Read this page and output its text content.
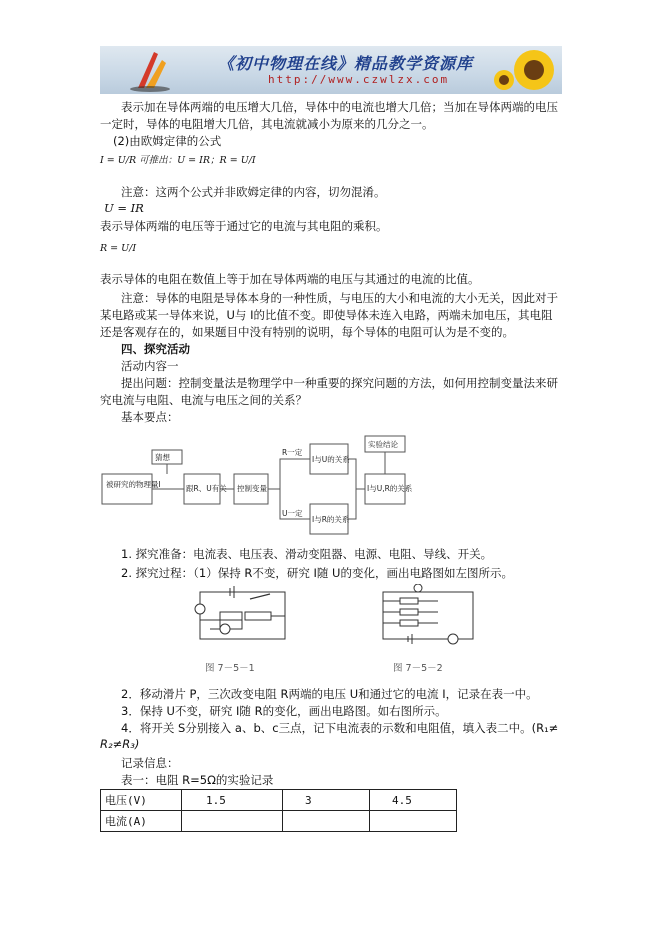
《初中物理在线》精品教学资源库
http://www.czwlzx.com
表示加在导体两端的电压增大几倍，导体中的电流也增大几倍；当加在导体两端的电压
一定时，导体的电阻增大几倍，其电流就减小为原来的几分之一。
(2)由欧姆定律的公式
I = U/R 可推出：U = IR；R = U/I
注意：这两个公式并非欧姆定律的内容，切勿混淆。
U = IR
表示导体两端的电压等于通过它的电流与其电阻的乘积。
R = U/I
表示导体的电阻在数值上等于加在导体两端的电压与其通过的电流的比值。
注意：导体的电阻是导体本身的一种性质，与电压的大小和电流的大小无关，因此对于
某电路或某一导体来说，U与 I的比值不变。即使导体未连入电路，两端未加电压，其电阻
还是客观存在的，如果题目中没有特别的说明，每个导体的电阻可认为是不变的。
四、探究活动
活动内容一
提出问题：控制变量法是物理学中一种重要的探究问题的方法，如何用控制变量法来研
究电流与电阻、电流与电压之间的关系？
基本要点：
被研究的物理量I
猜想
跟R、U有关 控制变量
R一定
U一定
I与U的关系
I与R的关系
实验结论
I与U,R的关系
1. 探究准备：电流表、电压表、滑动变阻器、电源、电阻、导线、开关。
2. 探究过程：（1）保持 R不变，研究 I随 U的变化，画出电路图如左图所示。
图 7－5－1	图 7－5－2
2．移动滑片 P，三次改变电阻 R两端的电压 U和通过它的电流 I，记录在表一中。
3．保持 U不变，研究 I随 R的变化，画出电路图。如右图所示。
4．将开关 S分别接入 a、b、c三点，记下电流表的示数和电阻值，填入表二中。(R₁≠
R₂≠R₃)
记录信息：
表一：电阻 R=5Ω的实验记录
电压(V)	1.5	3	4.5
电流(A)			
